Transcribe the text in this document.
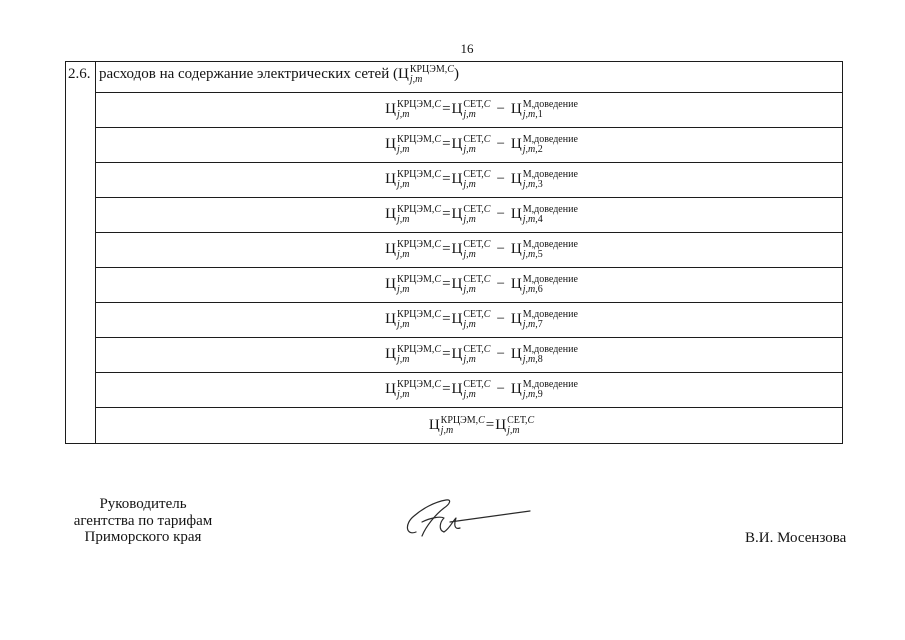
16
2.6. расходов на содержание электрических сетей (Ц КРЦЭМ,C
j,m	)
Ц КРЦЭМ,C
j,m	=Ц СЕТ,C
j,m	− Ц М,доведение
j,m,1
Ц КРЦЭМ,C
j,m	=Ц СЕТ,C
j,m	− Ц М,доведение
j,m,2
Ц КРЦЭМ,C
j,m	=Ц СЕТ,C
j,m	− Ц М,доведение
j,m,3
Ц КРЦЭМ,C
j,m	=Ц СЕТ,C
j,m	− Ц М,доведение
j,m,4
Ц КРЦЭМ,C
j,m	=Ц СЕТ,C
j,m	− Ц М,доведение
j,m,5
Ц КРЦЭМ,C
j,m	=Ц СЕТ,C
j,m	− Ц М,доведение
j,m,6
Ц КРЦЭМ,C
j,m	=Ц СЕТ,C
j,m	− Ц М,доведение
j,m,7
Ц КРЦЭМ,C
j,m	=Ц СЕТ,C
j,m	− Ц М,доведение
j,m,8
Ц КРЦЭМ,C
j,m	=Ц СЕТ,C
j,m	− Ц М,доведение
j,m,9
Ц КРЦЭМ,C
j,m	=Ц СЕТ,C
j,m
Руководитель
агентства по тарифам
Приморского края	В.И. Мосензова
